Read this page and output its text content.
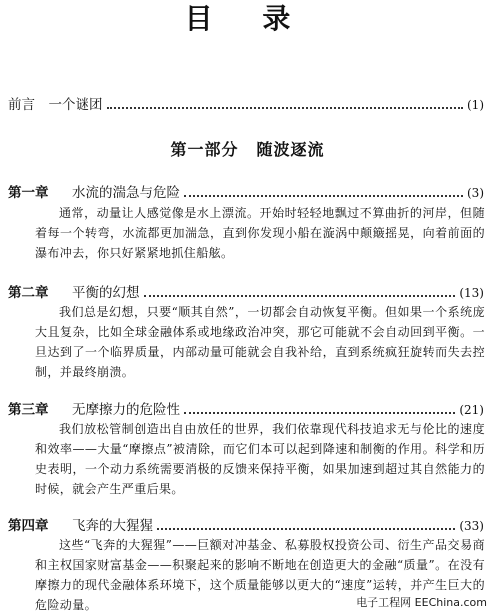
目 录
前言　一个谜团	(1)
第一部分 随波逐流
第一章 水流的湍急与危险	(3)

通常，动量让人感觉像是水上漂流。开始时轻轻地飘过不算曲折的河岸，但随着每一个转弯，水流都更加湍急，直到你发现小船在漩涡中颠簸摇晃，向着前面的瀑布冲去，你只好紧紧地抓住船舷。

第二章 平衡的幻想	(13)

我们总是幻想，只要“顺其自然”，一切都会自动恢复平衡。但如果一个系统庞大且复杂，比如全球金融体系或地缘政治冲突，那它可能就不会自动回到平衡。一旦达到了一个临界质量，内部动量可能就会自我补给，直到系统疯狂旋转而失去控制，并最终崩溃。

第三章 无摩擦力的危险性	(21)

我们放松管制创造出自由放任的世界，我们依靠现代科技追求无与伦比的速度和效率——大量“摩擦点”被清除，而它们本可以起到降速和制衡的作用。科学和历史表明，一个动力系统需要消极的反馈来保持平衡，如果加速到超过其自然能力的时候，就会产生严重后果。

第四章 飞奔的大猩猩	(33)

这些“飞奔的大猩猩”——巨额对冲基金、私募股权投资公司、衍生产品交易商和主权国家财富基金——积聚起来的影响不断地在创造更大的金融“质量”。在没有摩擦力的现代金融体系环境下，这个质量能够以更大的“速度”运转，并产生巨大的危险动量。	电子工程网 EEChina.com
